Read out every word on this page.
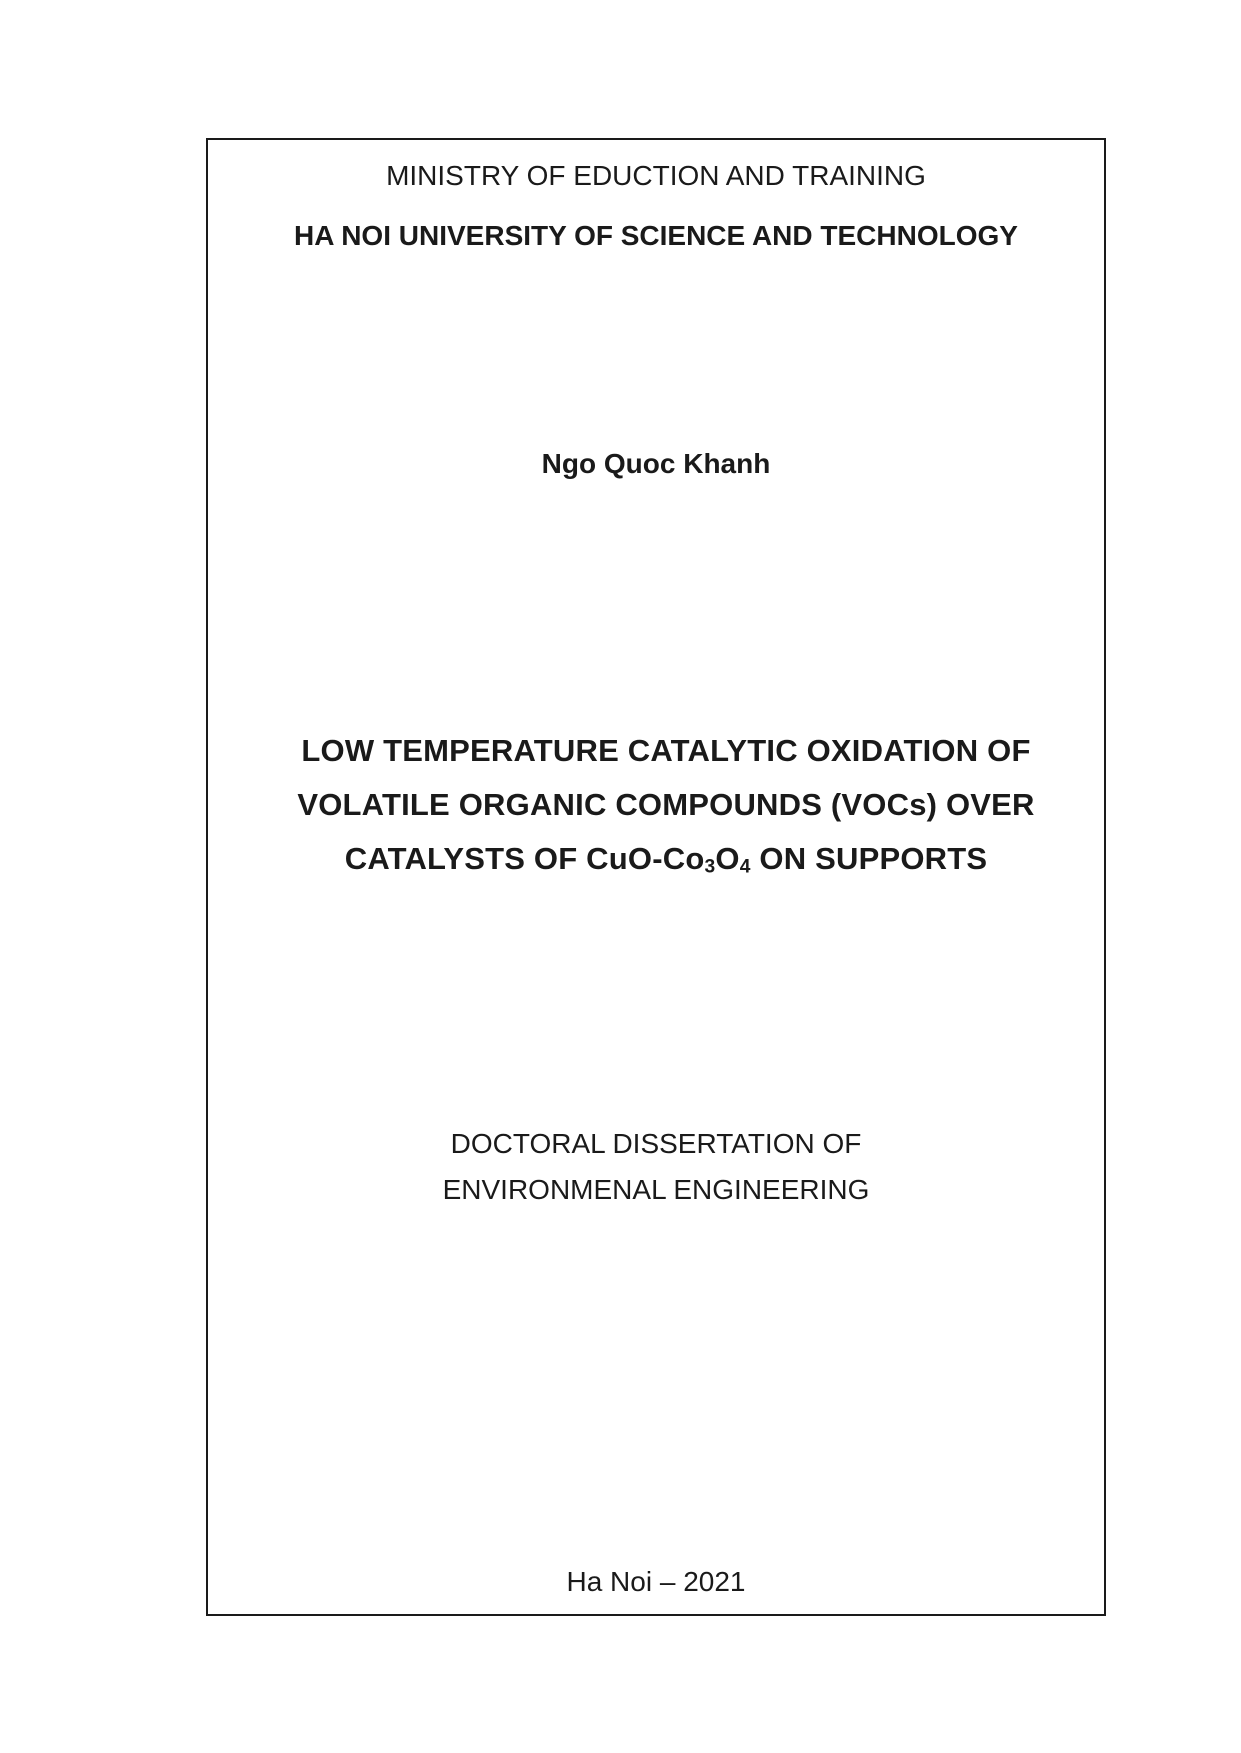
MINISTRY OF EDUCTION AND TRAINING
HA NOI UNIVERSITY OF SCIENCE AND TECHNOLOGY
Ngo Quoc Khanh
LOW TEMPERATURE CATALYTIC OXIDATION OF
VOLATILE ORGANIC COMPOUNDS (VOCs) OVER
CATALYSTS OF CuO-Co3O4 ON SUPPORTS
DOCTORAL DISSERTATION OF
ENVIRONMENAL ENGINEERING
Ha Noi – 2021
